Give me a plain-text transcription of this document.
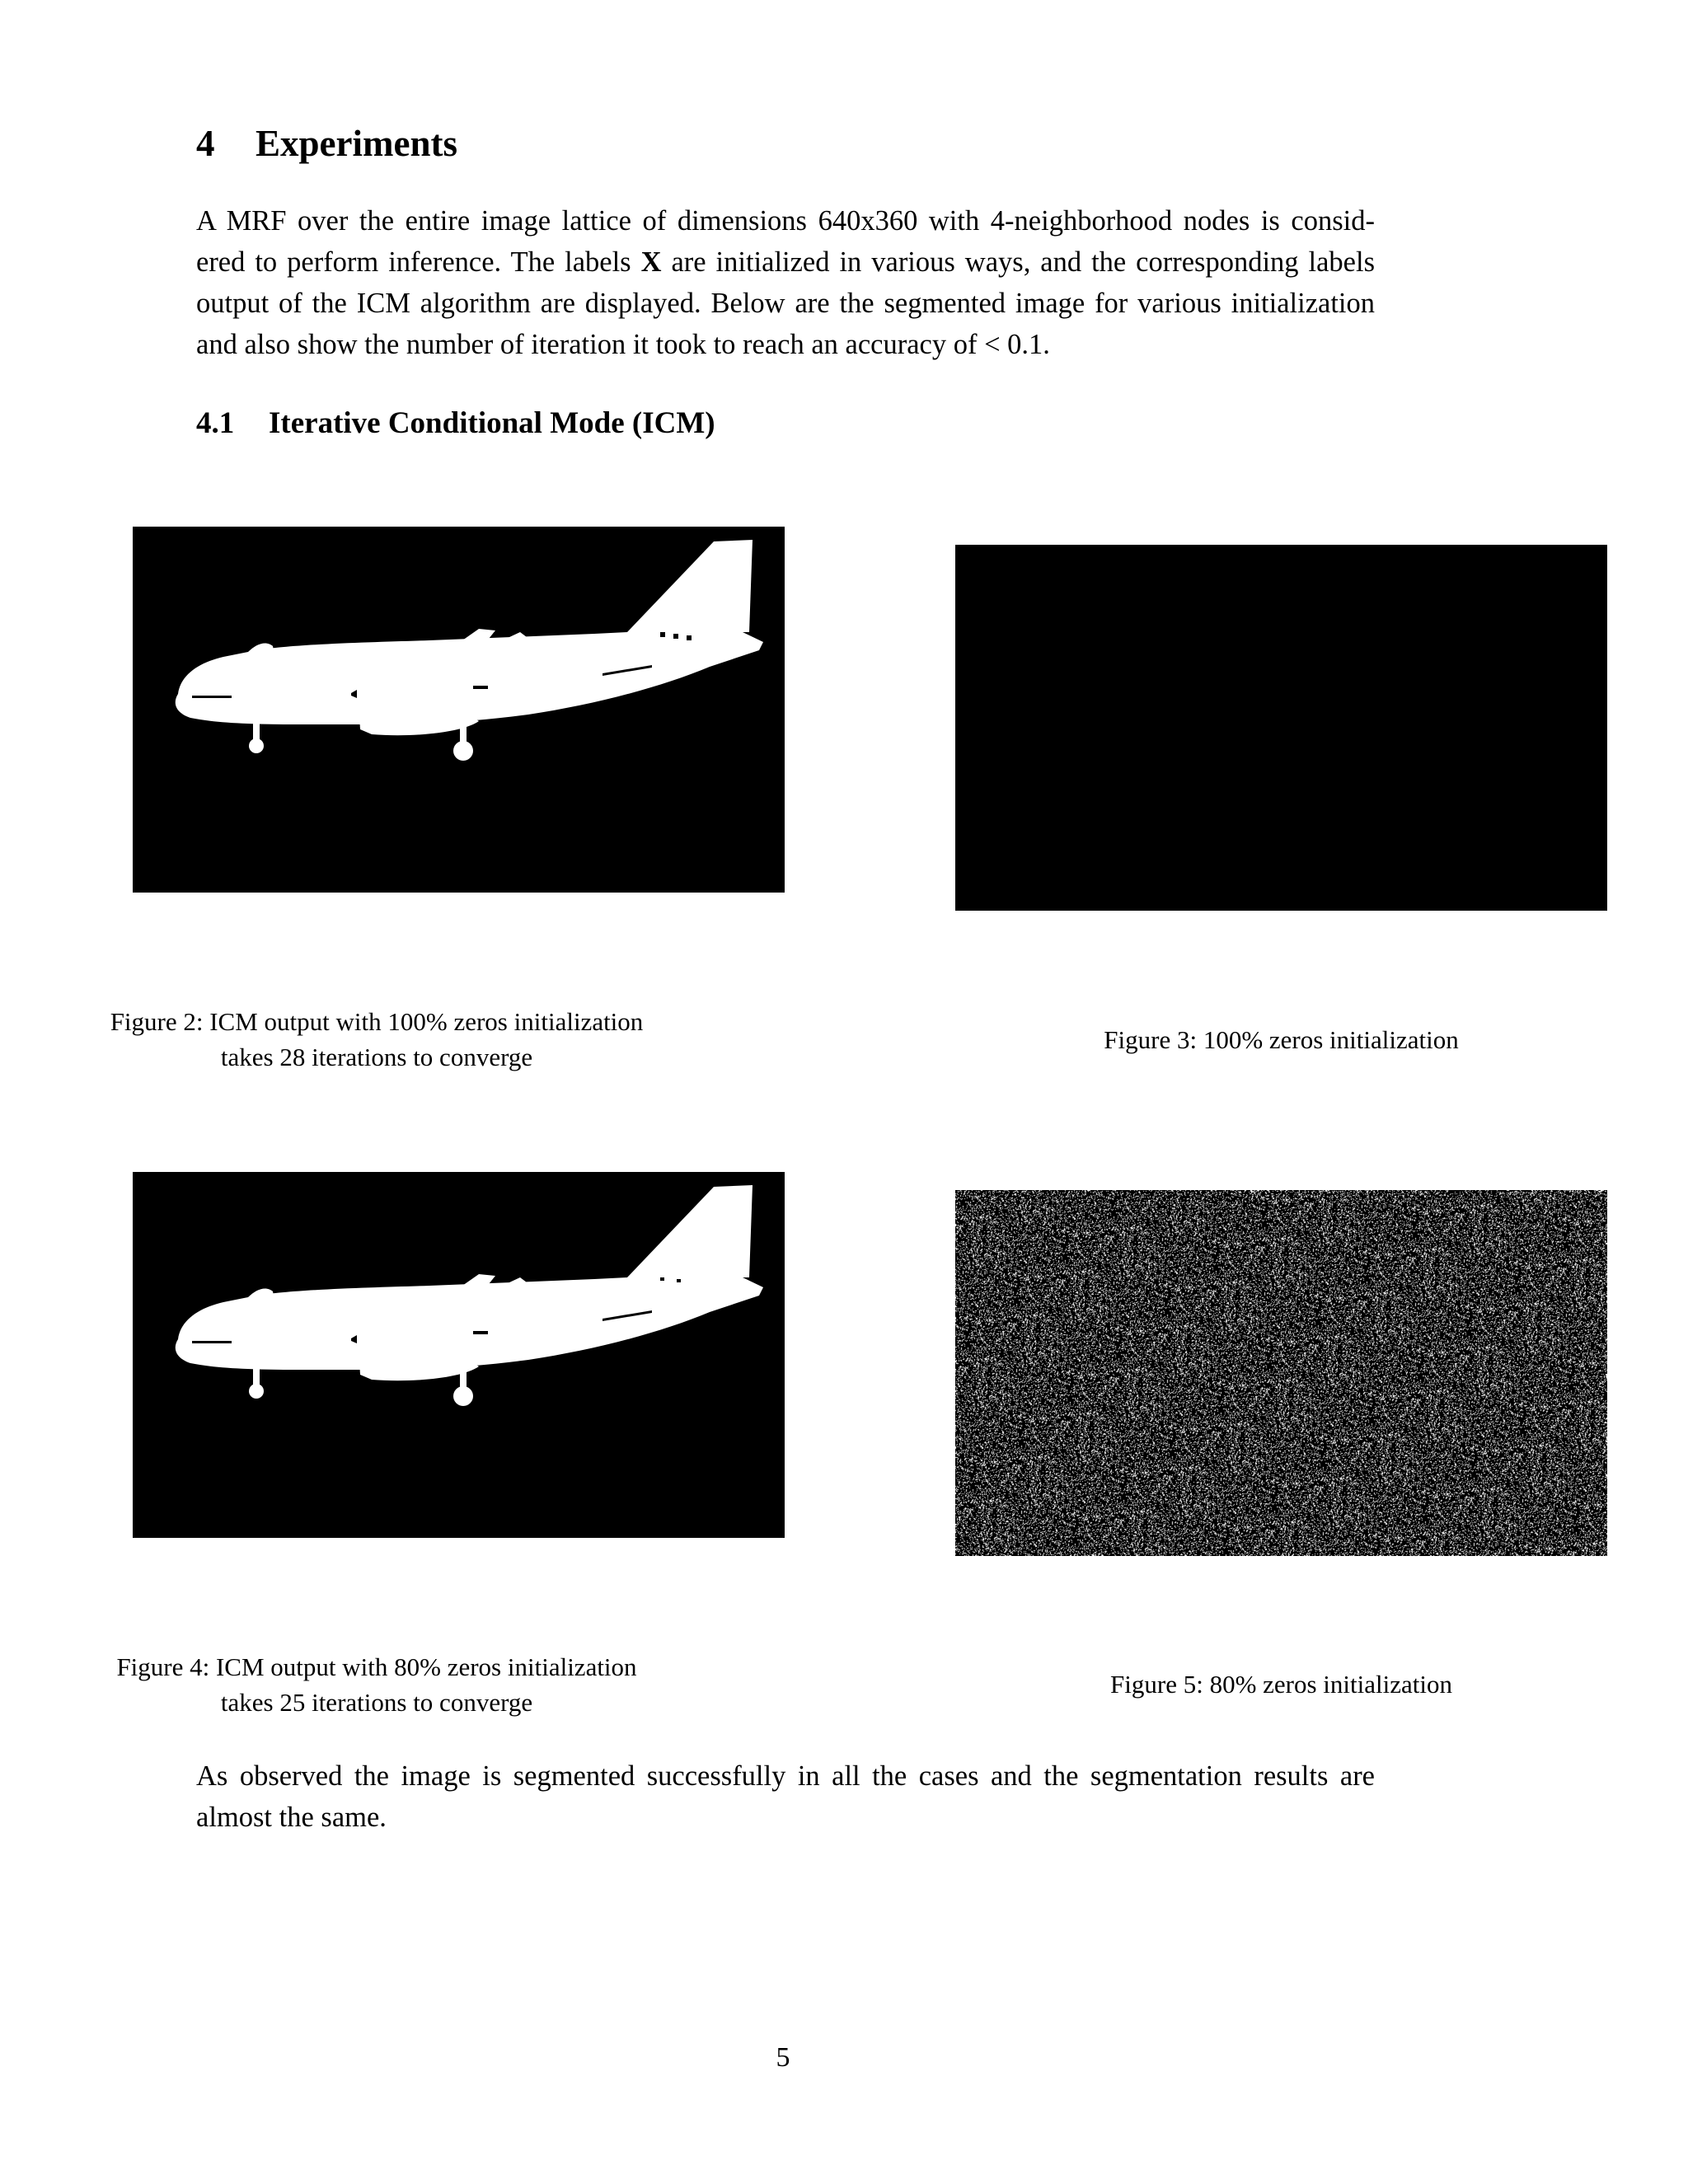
4 Experiments

A MRF over the entire image lattice of dimensions 640x360 with 4-neighborhood nodes is consid-
ered to perform inference. The labels X are initialized in various ways, and the corresponding labels
output of the ICM algorithm are displayed. Below are the segmented image for various initialization
and also show the number of iteration it took to reach an accuracy of < 0.1.

4.1 Iterative Conditional Mode (ICM)
Figure 2: ICM output with 100% zeros initialization
takes 28 iterations to converge
Figure 3: 100% zeros initialization
Figure 4: ICM output with 80% zeros initialization
takes 25 iterations to converge
Figure 5: 80% zeros initialization

As observed the image is segmented successfully in all the cases and the segmentation results are
almost the same.

5
